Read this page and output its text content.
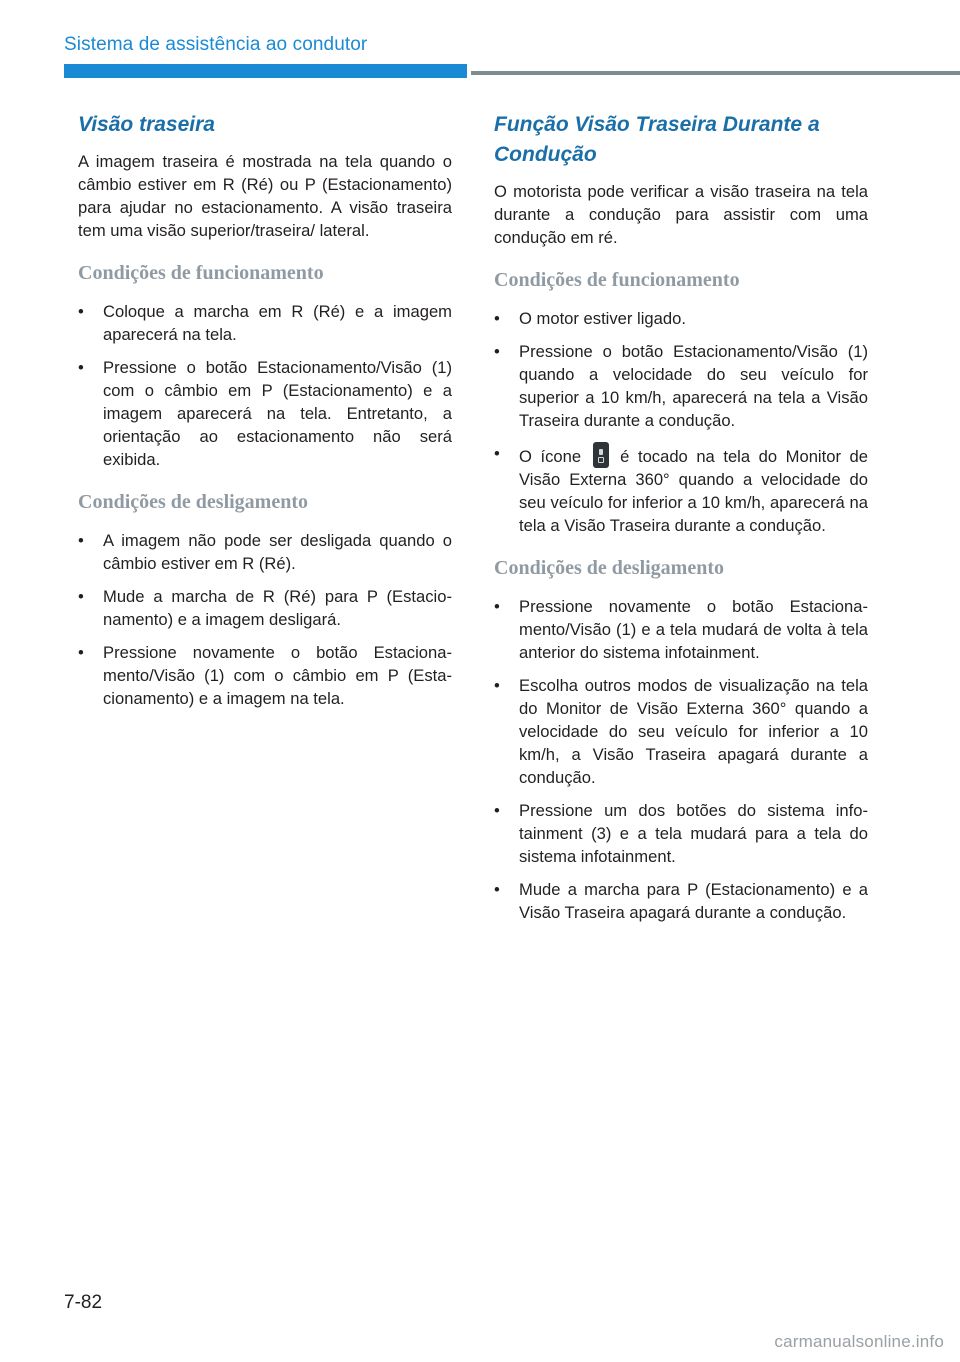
Sistema de assistência ao condutor
Visão traseira

A imagem traseira é mostrada na tela quando o câmbio estiver em R (Ré) ou P (Estacionamento) para ajudar no estacionamento. A visão traseira tem uma visão superior/traseira/ lateral.

Condições de funcionamento
•	Coloque a marcha em R (Ré) e a imagem aparecerá na tela.
•	Pressione o botão Estacionamento/Visão (1) com o câmbio em P (Estacionamento) e a imagem aparecerá na tela. Entretanto, a orientação ao estacionamento não será exibida.
Condições de desligamento
•	A imagem não pode ser desligada quando o câmbio estiver em R (Ré).
•	Mude a marcha de R (Ré) para P (Estacionamento) e a imagem desligará.
•	Pressione novamente o botão Estacionamento/Visão (1) com o câmbio em P (Estacionamento) e a imagem na tela.
Função Visão Traseira Durante a Condução

O motorista pode verificar a visão traseira na tela durante a condução para assistir com uma condução em ré.

Condições de funcionamento
•	O motor estiver ligado.
•	Pressione o botão Estacionamento/Visão (1) quando a velocidade do seu veículo for superior a 10 km/h, aparecerá na tela a Visão Traseira durante a condução.
•	O ícone  é tocado na tela do Monitor de Visão Externa 360° quando a velocidade do seu veículo for inferior a 10 km/h, aparecerá na tela a Visão Traseira durante a condução.
Condições de desligamento
•	Pressione novamente o botão Estacionamento/Visão (1) e a tela mudará de volta à tela anterior do sistema infotainment.
•	Escolha outros modos de visualização na tela do Monitor de Visão Externa 360° quando a velocidade do seu veículo for inferior a 10 km/h, a Visão Traseira apagará durante a condução.
•	Pressione um dos botões do sistema infotainment (3) e a tela mudará para a tela do sistema infotainment.
•	Mude a marcha para P (Estacionamento) e a Visão Traseira apagará durante a condução.
7-82
carmanualsonline.info
